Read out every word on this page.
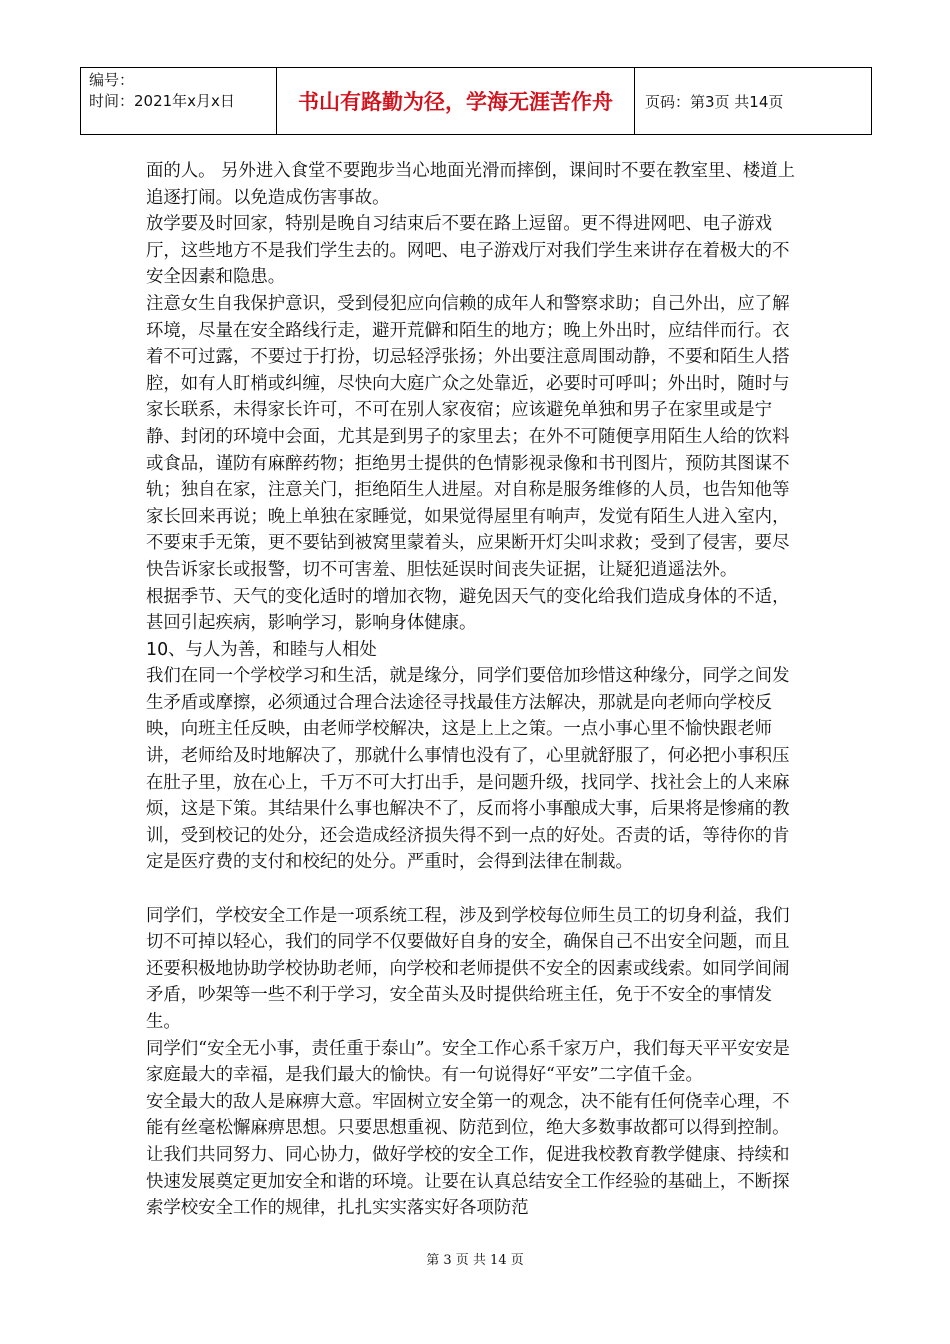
编号：
时间：2021年x月x日	书山有路勤为径，学海无涯苦作舟	页码：第3页 共14页

面的人。 另外进入食堂不要跑步当心地面光滑而摔倒，课间时不要在教室里、楼道上追逐打闹。以免造成伤害事故。

放学要及时回家，特别是晚自习结束后不要在路上逗留。更不得进网吧、电子游戏厅，这些地方不是我们学生去的。网吧、电子游戏厅对我们学生来讲存在着极大的不安全因素和隐患。

注意女生自我保护意识，受到侵犯应向信赖的成年人和警察求助；自己外出，应了解环境，尽量在安全路线行走，避开荒僻和陌生的地方；晚上外出时，应结伴而行。衣着不可过露，不要过于打扮，切忌轻浮张扬；外出要注意周围动静，不要和陌生人搭腔，如有人盯梢或纠缠，尽快向大庭广众之处靠近，必要时可呼叫；外出时，随时与家长联系，未得家长许可，不可在别人家夜宿；应该避免单独和男子在家里或是宁静、封闭的环境中会面，尤其是到男子的家里去；在外不可随便享用陌生人给的饮料或食品，谨防有麻醉药物；拒绝男士提供的色情影视录像和书刊图片，预防其图谋不轨；独自在家，注意关门，拒绝陌生人进屋。对自称是服务维修的人员，也告知他等家长回来再说；晚上单独在家睡觉，如果觉得屋里有响声，发觉有陌生人进入室内，不要束手无策，更不要钻到被窝里蒙着头，应果断开灯尖叫求救；受到了侵害，要尽快告诉家长或报警，切不可害羞、胆怯延误时间丧失证据，让疑犯逍遥法外。

根据季节、天气的变化适时的增加衣物，避免因天气的变化给我们造成身体的不适，甚回引起疾病，影响学习，影响身体健康。

10、与人为善，和睦与人相处

我们在同一个学校学习和生活，就是缘分，同学们要倍加珍惜这种缘分，同学之间发生矛盾或摩擦，必须通过合理合法途径寻找最佳方法解决，那就是向老师向学校反映，向班主任反映，由老师学校解决，这是上上之策。一点小事心里不愉快跟老师讲，老师给及时地解决了，那就什么事情也没有了，心里就舒服了，何必把小事积压在肚子里，放在心上，千万不可大打出手，是问题升级，找同学、找社会上的人来麻烦，这是下策。其结果什么事也解决不了，反而将小事酿成大事，后果将是惨痛的教训，受到校记的处分，还会造成经济损失得不到一点的好处。否责的话，等待你的肯定是医疗费的支付和校纪的处分。严重时，会得到法律在制裁。

同学们，学校安全工作是一项系统工程，涉及到学校每位师生员工的切身利益，我们切不可掉以轻心，我们的同学不仅要做好自身的安全，确保自己不出安全问题，而且还要积极地协助学校协助老师，向学校和老师提供不安全的因素或线索。如同学间闹矛盾，吵架等一些不利于学习，安全苗头及时提供给班主任，免于不安全的事情发生。

同学们“安全无小事，责任重于泰山”。安全工作心系千家万户，我们每天平平安安是家庭最大的幸福，是我们最大的愉快。有一句说得好“平安”二字值千金。

安全最大的敌人是麻痹大意。牢固树立安全第一的观念，决不能有任何侥幸心理，不能有丝毫松懈麻痹思想。只要思想重视、防范到位，绝大多数事故都可以得到控制。让我们共同努力、同心协力，做好学校的安全工作，促进我校教育教学健康、持续和快速发展奠定更加安全和谐的环境。让要在认真总结安全工作经验的基础上，不断探索学校安全工作的规律，扎扎实实落实好各项防范

第 3 页 共 14 页
